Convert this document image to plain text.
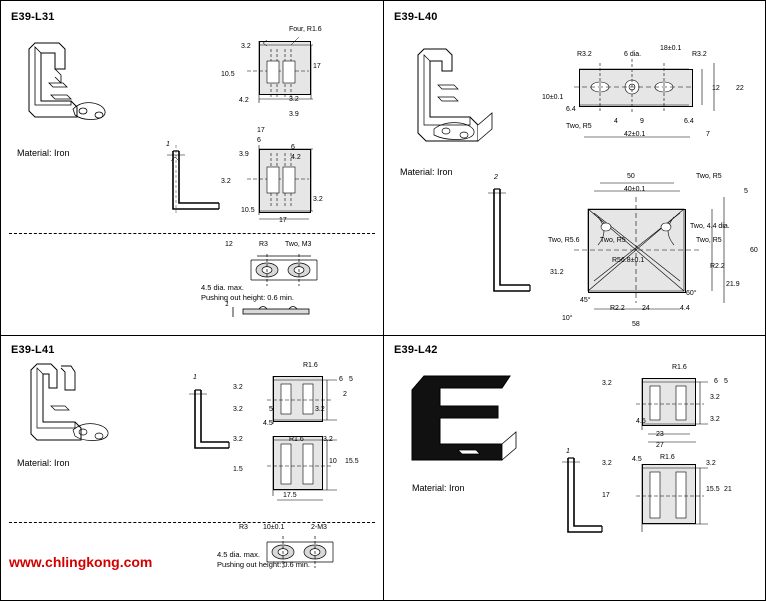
E39-L31
Material: Iron
1
Four, R1.6
3.2
10.5
4.2	3.2
3.9
17
17
6
6
3.9	4.2
3.2
10.5
3.2
17
12	R3 Two, M3
4.5 dia. max.
Pushing out height: 0.6 min.
1
E39-L40
Material: Iron
R3.2	6 dia.
18±0.1
R3.2
10±0.1
6.4
Two, R5
4	9	6.4
42±0.1	7
12 22
50
40±0.1
Two, R5
5
Two, R5.6	Two, R5
Two, 4.4 dia.
Two, R5
31.2
R56.8±0.1
R2.2
60
21.9
45°
R2.2 24	4.4
60°
10°
58
2
E39-L41
Material: Iron
1
R1.6
3.2
6 5
2
3.2	5	3.2
4.5
3.2	R1.6	3.2
1.5
10 15.5
17.5
R3 10±0.1	2-M3
4.5 dia. max.
Pushing out height: 0.6 min.
www.chlingkong.com
E39-L42
Material: Iron
1
3.2
R1.6
6 5
3.2
4.5	3.2
23
27
3.2
4.5	R1.6
3.2
17
15.5 21
